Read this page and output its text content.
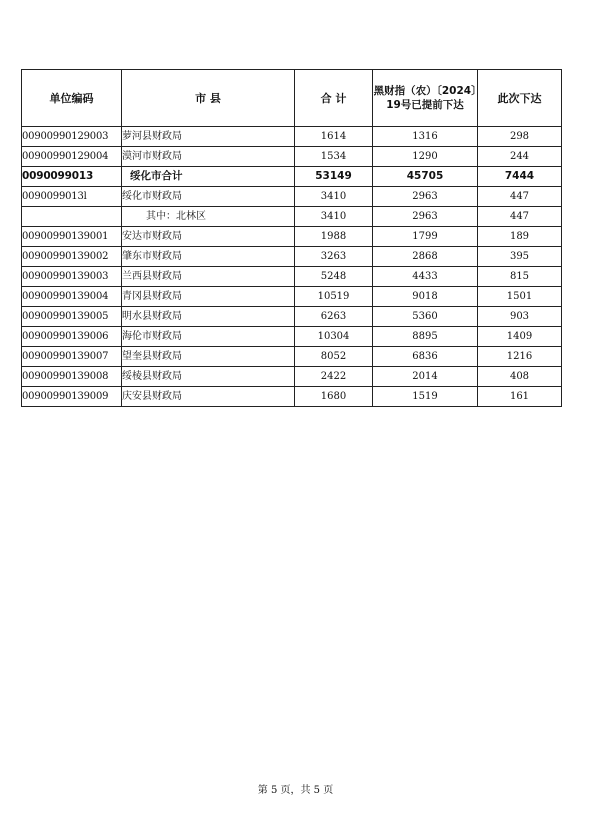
单位编码	市 县	合 计	黑财指（农）〔2024〕19号已提前下达	此次下达
00900990129003	萝河县财政局	1614	1316	298
00900990129004	漠河市财政局	1534	1290	244
0090099013	绥化市合计	53149	45705	7444
0090099013l	绥化市财政局	3410	2963	447
	其中：北林区	3410	2963	447
00900990139001	安达市财政局	1988	1799	189
00900990139002	肇东市财政局	3263	2868	395
00900990139003	兰西县财政局	5248	4433	815
00900990139004	青冈县财政局	10519	9018	1501
00900990139005	明水县财政局	6263	5360	903
00900990139006	海伦市财政局	10304	8895	1409
00900990139007	望奎县财政局	8052	6836	1216
00900990139008	绥棱县财政局	2422	2014	408
00900990139009	庆安县财政局	1680	1519	161
第 5 页，共 5 页
